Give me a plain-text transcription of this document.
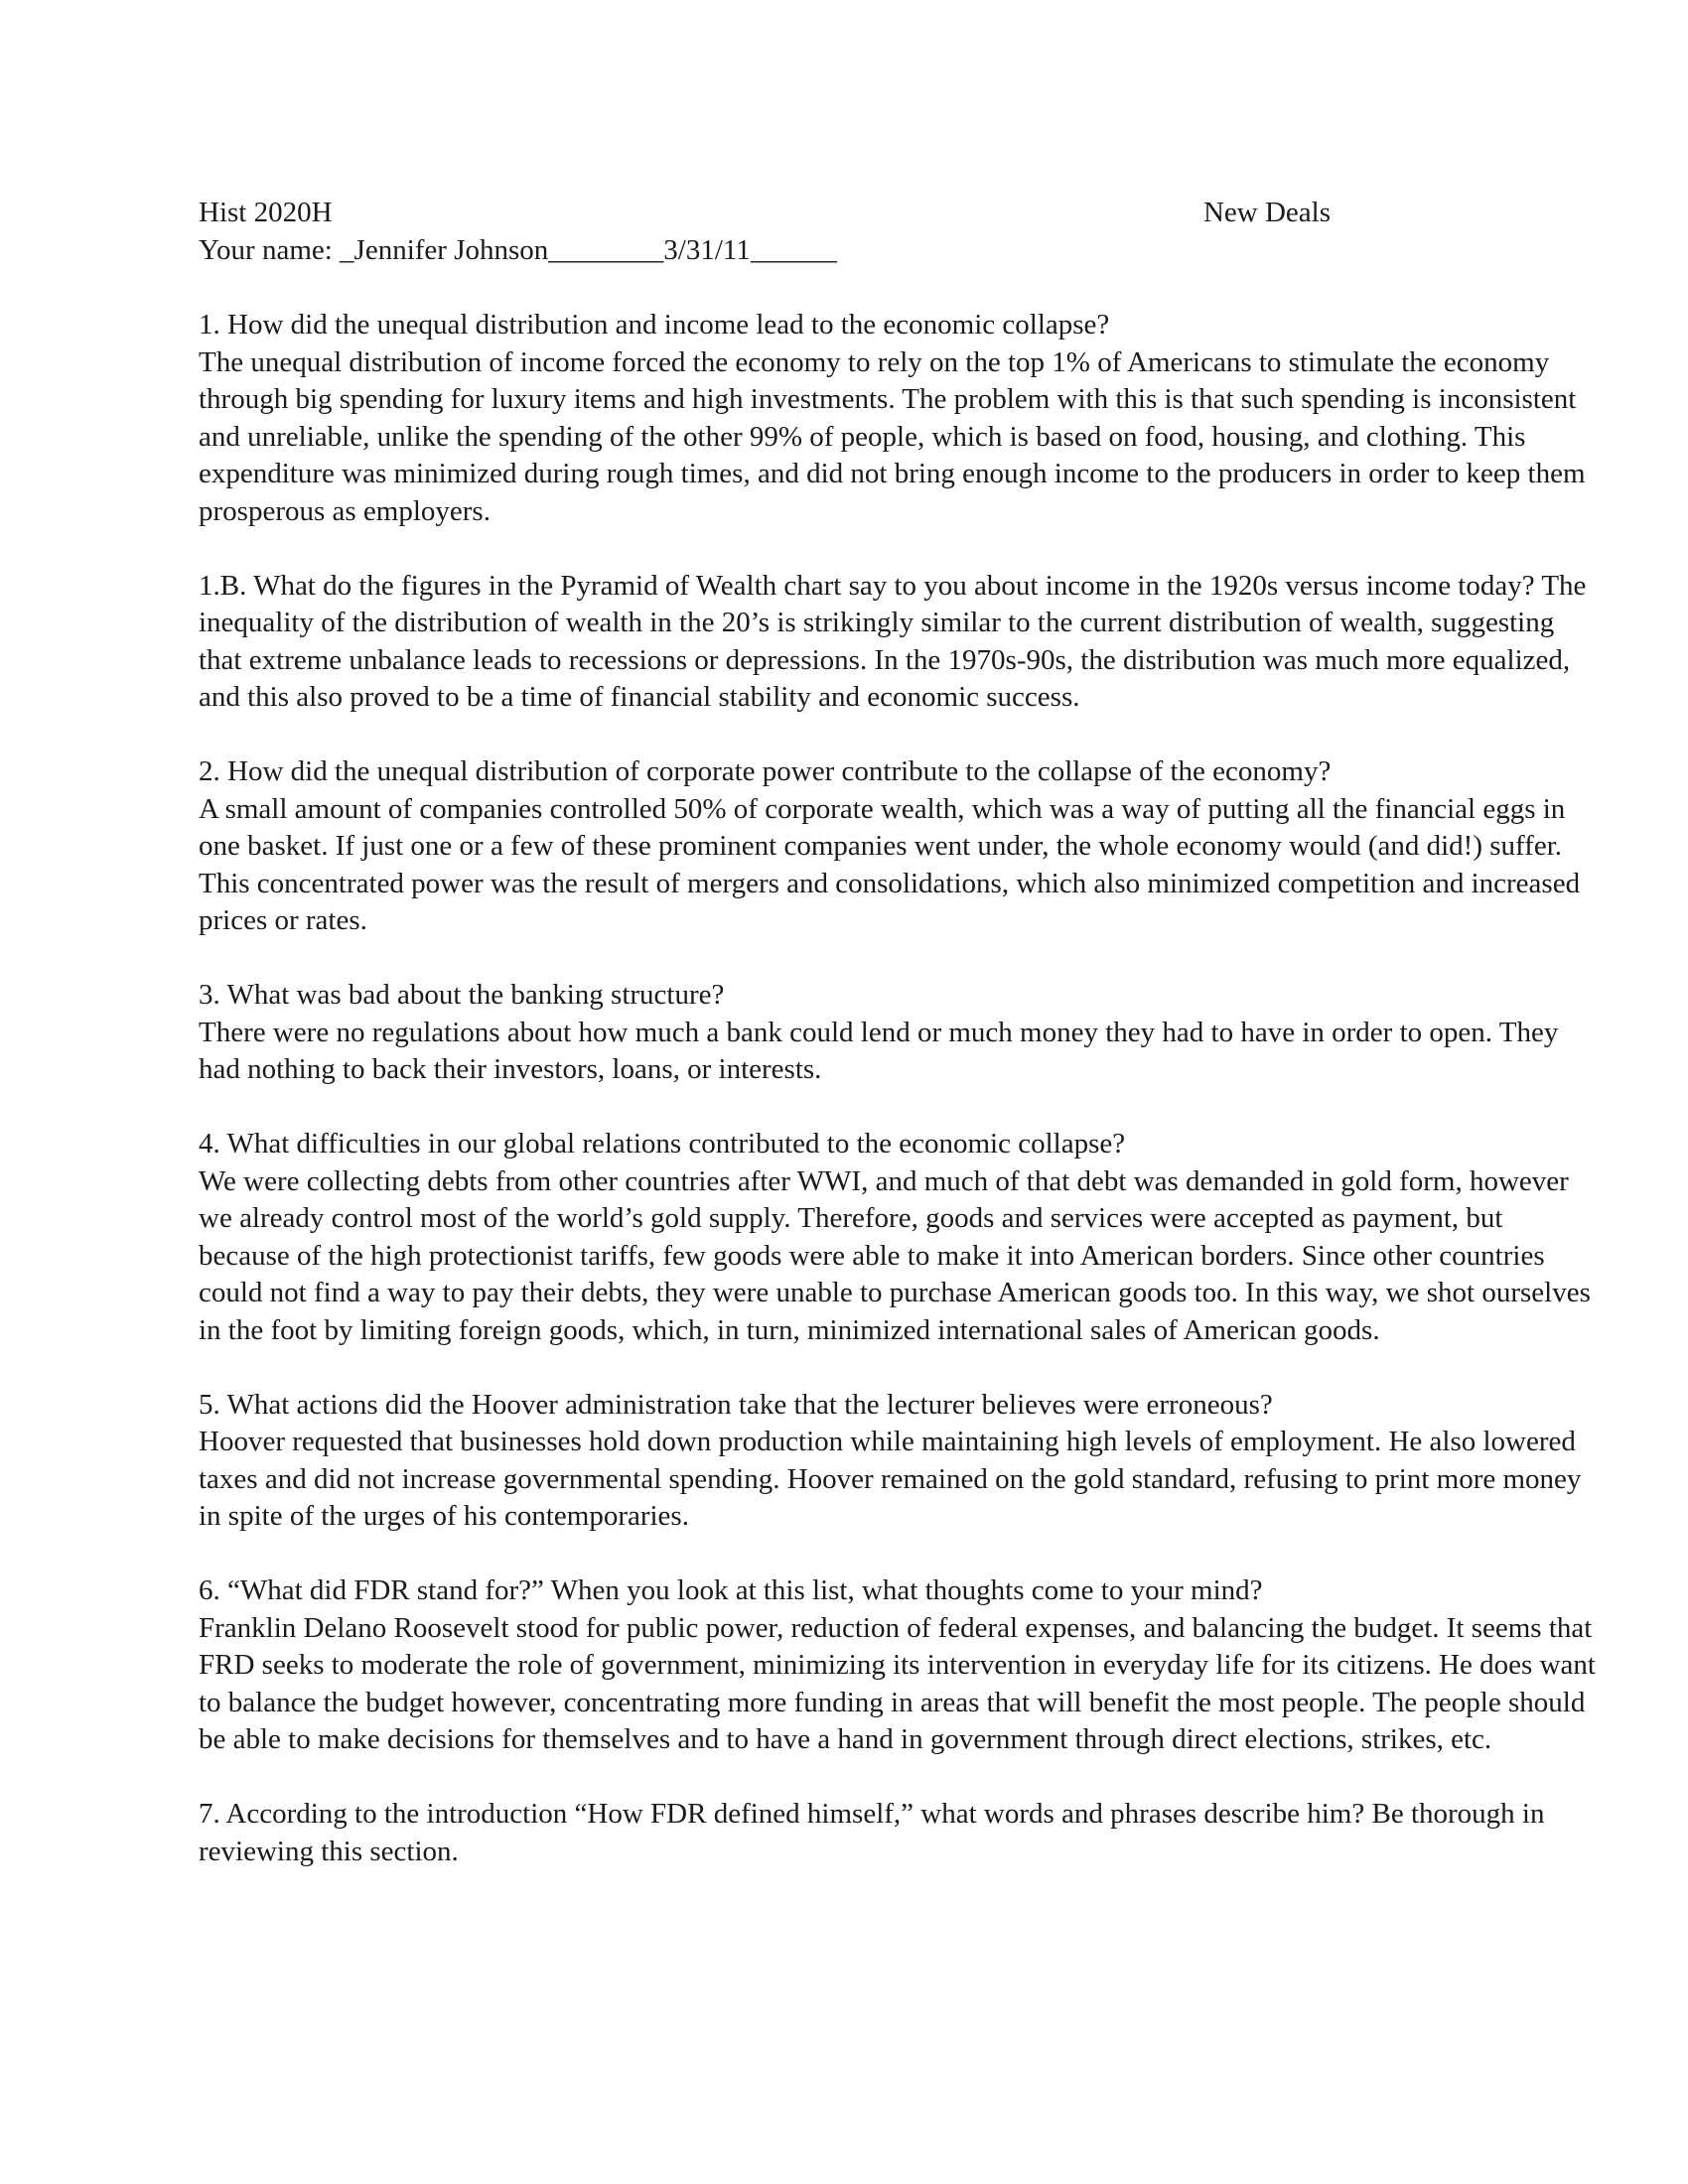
Hist 2020H	New Deals

Your name: _Jennifer Johnson________3/31/11______

1. How did the unequal distribution and income lead to the economic collapse?

The unequal distribution of income forced the economy to rely on the top 1% of Americans to stimulate the economy through big spending for luxury items and high investments. The problem with this is that such spending is inconsistent and unreliable, unlike the spending of the other 99% of people, which is based on food, housing, and clothing. This expenditure was minimized during rough times, and did not bring enough income to the producers in order to keep them prosperous as employers.

1.B. What do the figures in the Pyramid of Wealth chart say to you about income in the 1920s versus income today? The inequality of the distribution of wealth in the 20’s is strikingly similar to the current distribution of wealth, suggesting that extreme unbalance leads to recessions or depressions. In the 1970s-90s, the distribution was much more equalized, and this also proved to be a time of financial stability and economic success.

2. How did the unequal distribution of corporate power contribute to the collapse of the economy?

A small amount of companies controlled 50% of corporate wealth, which was a way of putting all the financial eggs in one basket. If just one or a few of these prominent companies went under, the whole economy would (and did!) suffer. This concentrated power was the result of mergers and consolidations, which also minimized competition and increased prices or rates.

3. What was bad about the banking structure?

There were no regulations about how much a bank could lend or much money they had to have in order to open. They had nothing to back their investors, loans, or interests.

4. What difficulties in our global relations contributed to the economic collapse?

We were collecting debts from other countries after WWI, and much of that debt was demanded in gold form, however we already control most of the world’s gold supply. Therefore, goods and services were accepted as payment, but because of the high protectionist tariffs, few goods were able to make it into American borders. Since other countries could not find a way to pay their debts, they were unable to purchase American goods too. In this way, we shot ourselves in the foot by limiting foreign goods, which, in turn, minimized international sales of American goods.

5. What actions did the Hoover administration take that the lecturer believes were erroneous?

Hoover requested that businesses hold down production while maintaining high levels of employment. He also lowered taxes and did not increase governmental spending. Hoover remained on the gold standard, refusing to print more money in spite of the urges of his contemporaries.

6. “What did FDR stand for?” When you look at this list, what thoughts come to your mind?

Franklin Delano Roosevelt stood for public power, reduction of federal expenses, and balancing the budget. It seems that FRD seeks to moderate the role of government, minimizing its intervention in everyday life for its citizens. He does want to balance the budget however, concentrating more funding in areas that will benefit the most people. The people should be able to make decisions for themselves and to have a hand in government through direct elections, strikes, etc.

7. According to the introduction “How FDR defined himself,” what words and phrases describe him? Be thorough in reviewing this section.
